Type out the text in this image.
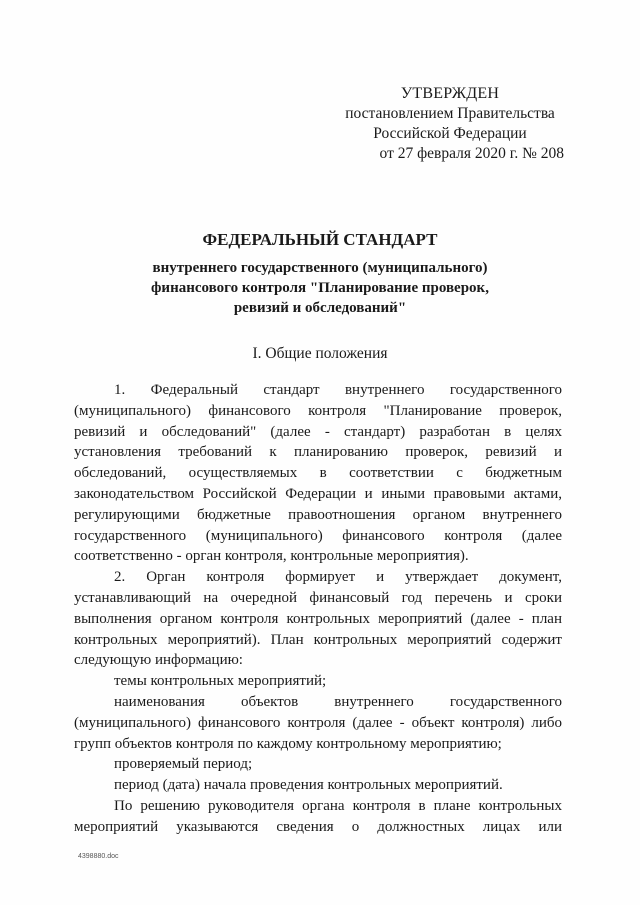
УТВЕРЖДЕН
постановлением Правительства
Российской Федерации
от 27 февраля 2020 г. № 208
ФЕДЕРАЛЬНЫЙ СТАНДАРТ
внутреннего государственного (муниципального)
финансового контроля "Планирование проверок,
ревизий и обследований"
I. Общие положения

1. Федеральный стандарт внутреннего государственного (муниципального) финансового контроля "Планирование проверок, ревизий и обследований" (далее - стандарт) разработан в целях установления требований к планированию проверок, ревизий и обследований, осуществляемых в соответствии с бюджетным законодательством Российской Федерации и иными правовыми актами, регулирующими бюджетные правоотношения органом внутреннего государственного (муниципального) финансового контроля (далее соответственно - орган контроля, контрольные мероприятия).

2. Орган контроля формирует и утверждает документ, устанавливающий на очередной финансовый год перечень и сроки выполнения органом контроля контрольных мероприятий (далее - план контрольных мероприятий). План контрольных мероприятий содержит следующую информацию:

темы контрольных мероприятий;

наименования объектов внутреннего государственного (муниципального) финансового контроля (далее - объект контроля) либо групп объектов контроля по каждому контрольному мероприятию;

проверяемый период;

период (дата) начала проведения контрольных мероприятий.

По решению руководителя органа контроля в плане контрольных мероприятий указываются сведения о должностных лицах или

4398880.doc
